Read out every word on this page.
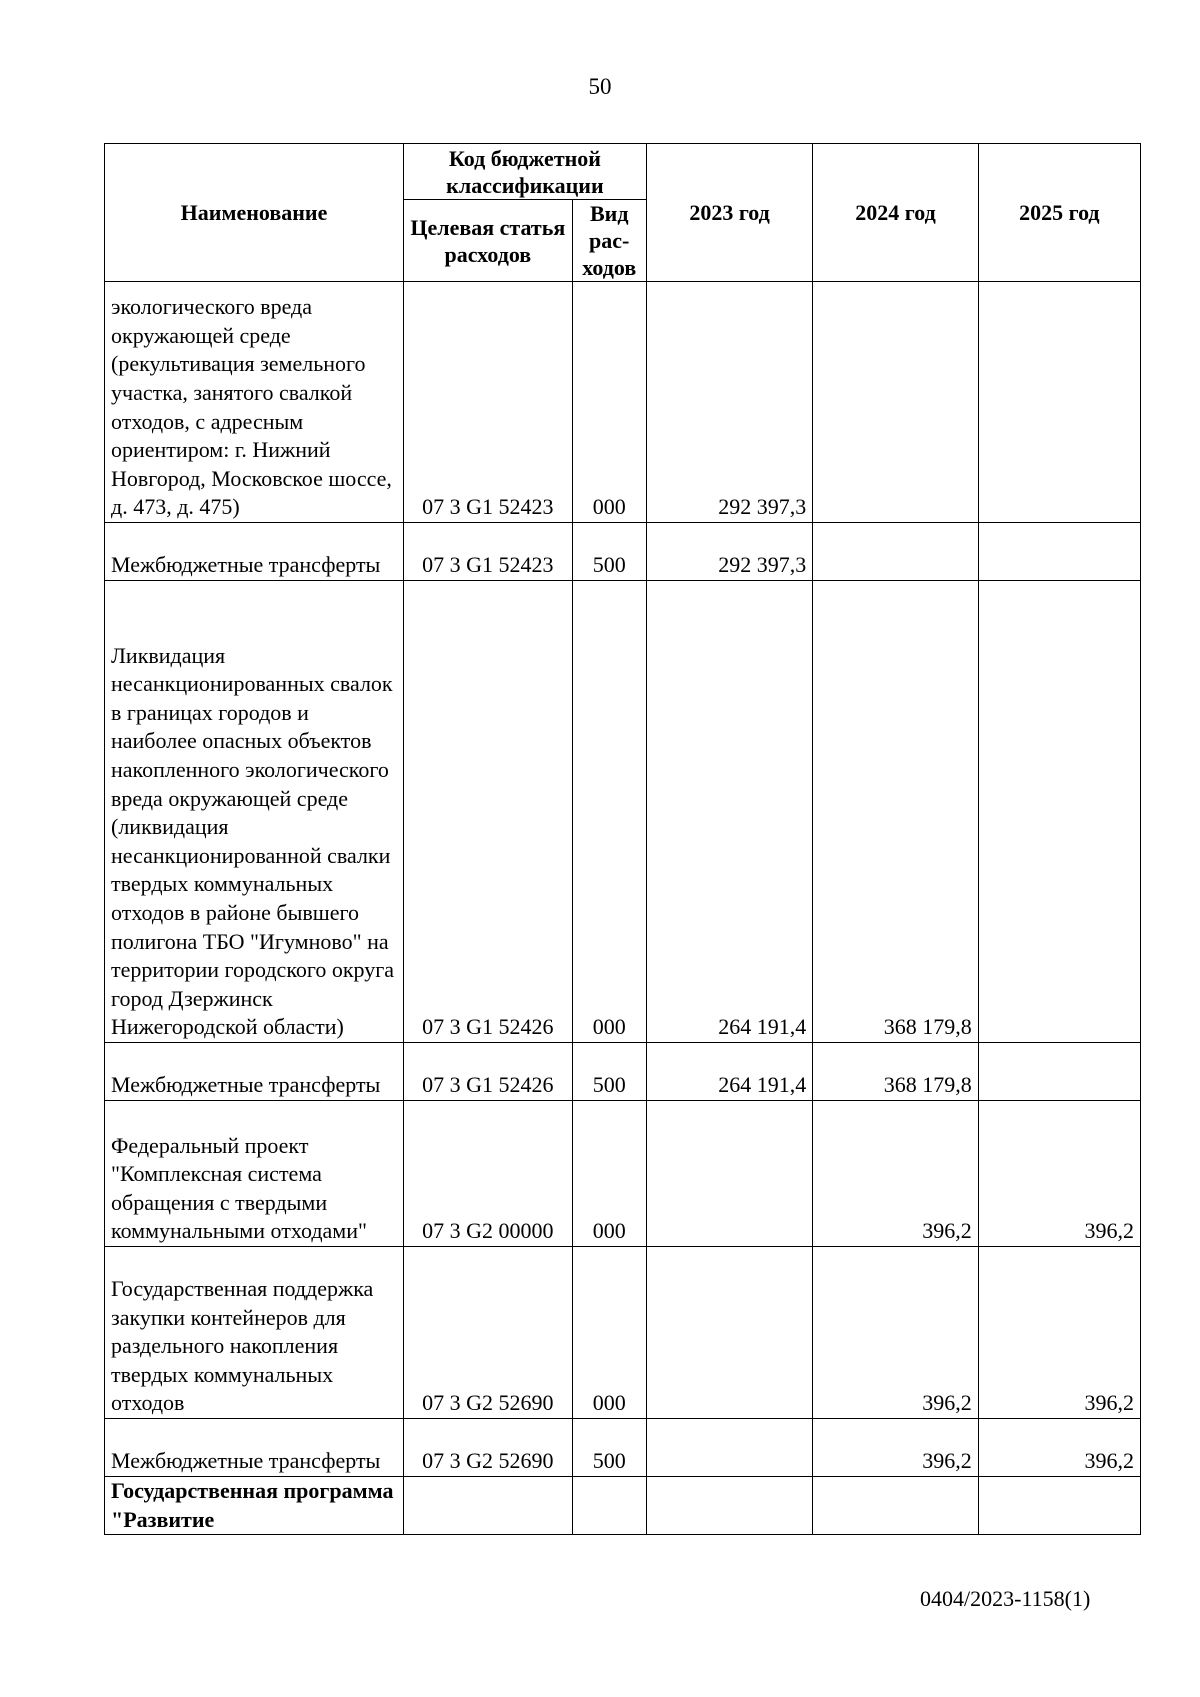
50
Наименование	Код бюджетной классификации		2023 год	2024 год	2025 год
	Целевая статья расходов	Вид рас-ходов			
экологического вреда окружающей среде (рекультивация земельного участка, занятого свалкой отходов, с адресным ориентиром: г. Нижний Новгород, Московское шоссе, д. 473, д. 475)	07 3 G1 52423	000	292 397,3		
Межбюджетные трансферты	07 3 G1 52423	500	292 397,3		
Ликвидация несанкционированных свалок в границах городов и наиболее опасных объектов накопленного экологического вреда окружающей среде (ликвидация несанкционированной свалки твердых коммунальных отходов в районе бывшего полигона ТБО "Игумново" на территории городского округа город Дзержинск Нижегородской области)	07 3 G1 52426	000	264 191,4	368 179,8	
Межбюджетные трансферты	07 3 G1 52426	500	264 191,4	368 179,8	
Федеральный проект "Комплексная система обращения с твердыми коммунальными отходами"	07 3 G2 00000	000		396,2	396,2
Государственная поддержка закупки контейнеров для раздельного накопления твердых коммунальных отходов	07 3 G2 52690	000		396,2	396,2
Межбюджетные трансферты	07 3 G2 52690	500		396,2	396,2
Государственная программа "Развитие					
0404/2023-1158(1)
